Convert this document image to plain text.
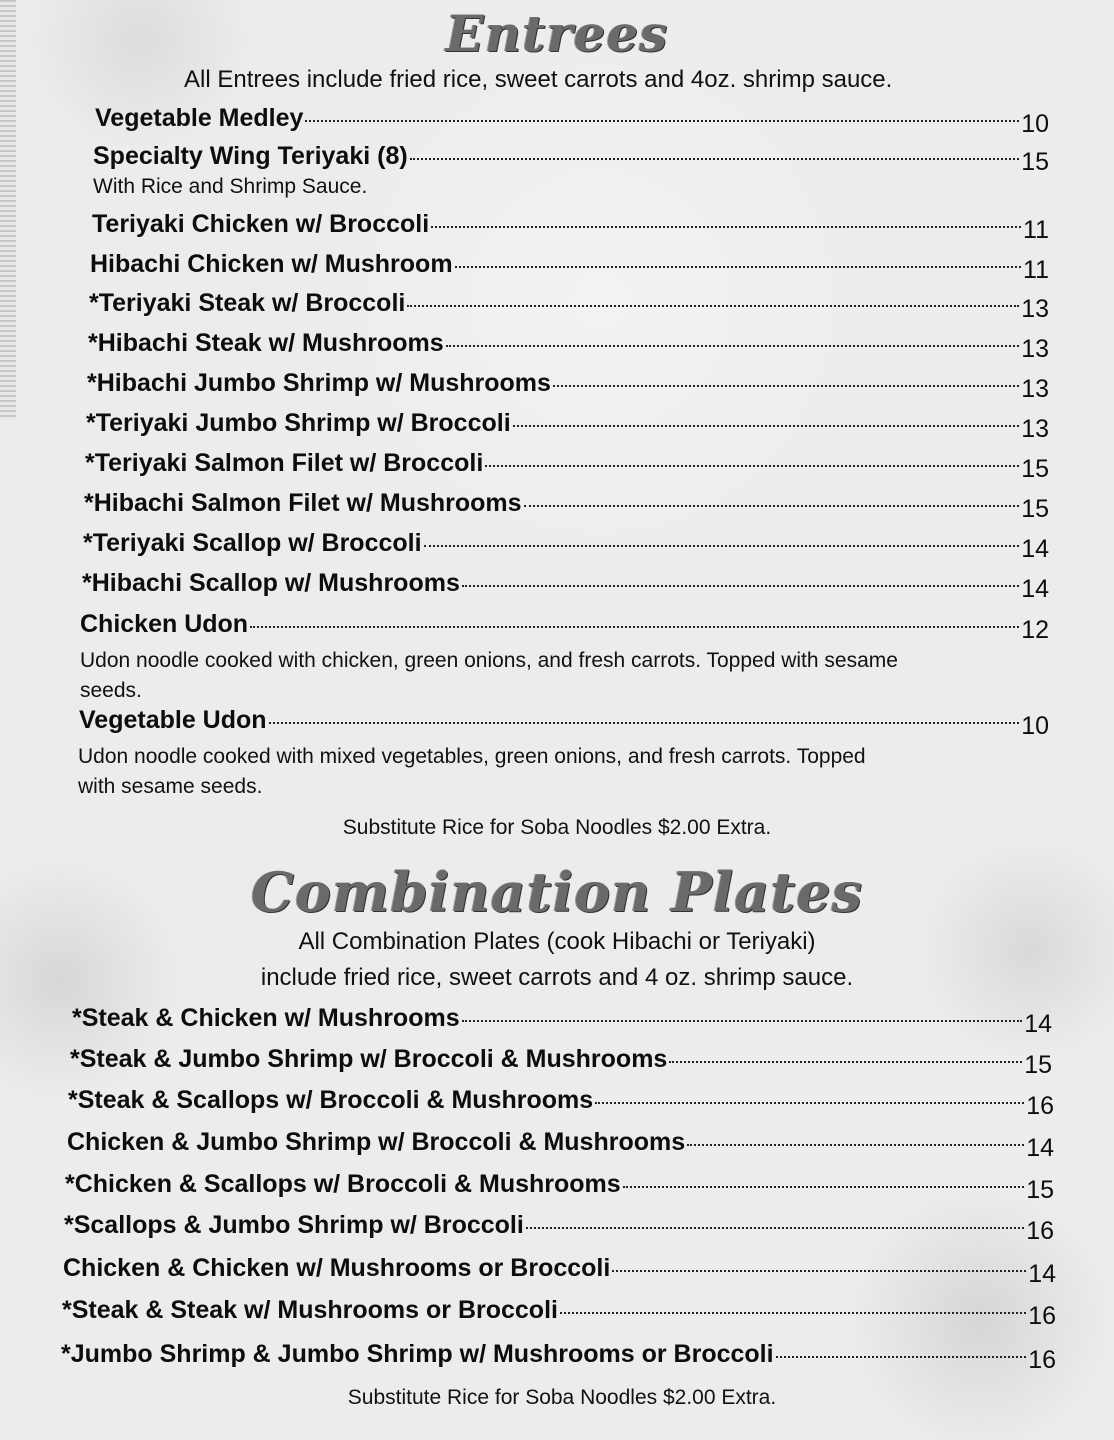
Entrees
All Entrees include fried rice, sweet carrots and 4oz. shrimp sauce.
Vegetable Medley	10
Specialty Wing Teriyaki (8)	15
With Rice and Shrimp Sauce.
Teriyaki Chicken w/ Broccoli	11
Hibachi Chicken w/ Mushroom	11
*Teriyaki Steak w/ Broccoli	13
*Hibachi Steak w/ Mushrooms	13
*Hibachi Jumbo Shrimp w/ Mushrooms	13
*Teriyaki Jumbo Shrimp w/ Broccoli	13
*Teriyaki Salmon Filet w/ Broccoli	15
*Hibachi Salmon Filet w/ Mushrooms	15
*Teriyaki Scallop w/ Broccoli	14
*Hibachi Scallop w/ Mushrooms	14
Chicken Udon	12
Udon noodle cooked with chicken, green onions, and fresh carrots. Topped with sesame seeds.
Vegetable Udon	10
Udon noodle cooked with mixed vegetables, green onions, and fresh carrots. Topped with sesame seeds.
Substitute Rice for Soba Noodles $2.00 Extra.
Combination Plates
All Combination Plates (cook Hibachi or Teriyaki)
include fried rice, sweet carrots and 4 oz. shrimp sauce.
*Steak & Chicken w/ Mushrooms	14
*Steak & Jumbo Shrimp w/ Broccoli & Mushrooms	15
*Steak & Scallops w/ Broccoli & Mushrooms	16
Chicken & Jumbo Shrimp w/ Broccoli & Mushrooms	14
*Chicken & Scallops w/ Broccoli & Mushrooms	15
*Scallops & Jumbo Shrimp w/ Broccoli	16
Chicken & Chicken w/ Mushrooms or Broccoli	14
*Steak & Steak w/ Mushrooms or Broccoli	16
*Jumbo Shrimp & Jumbo Shrimp w/ Mushrooms or Broccoli	16
Substitute Rice for Soba Noodles $2.00 Extra.
